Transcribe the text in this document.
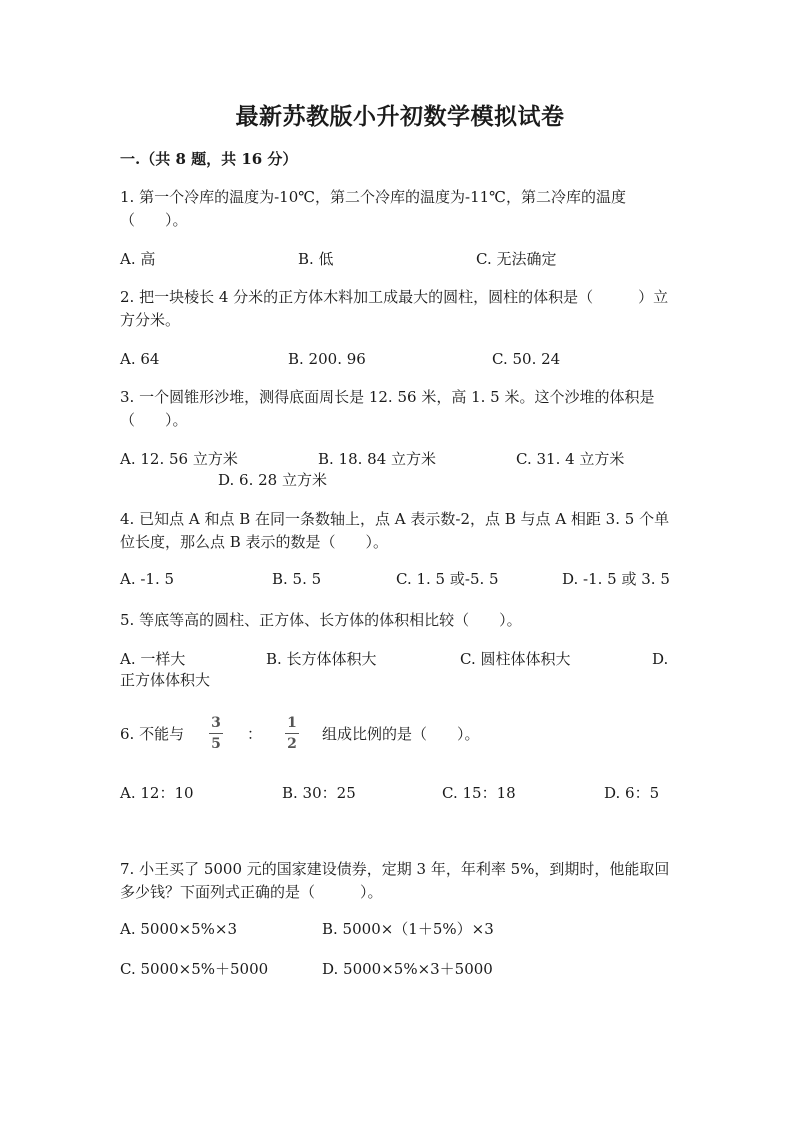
最新苏教版小升初数学模拟试卷
一.（共 8 题，共 16 分）
1. 第一个冷库的温度为-10℃，第二个冷库的温度为-11℃，第二冷库的温度（　　）。
A. 高	B. 低	C. 无法确定
2. 把一块棱长 4 分米的正方体木料加工成最大的圆柱，圆柱的体积是（　　　）立方分米。
A. 64	B. 200. 96	C. 50. 24
3. 一个圆锥形沙堆，测得底面周长是 12. 56 米，高 1. 5 米。这个沙堆的体积是（　　）。
A. 12. 56 立方米	B. 18. 84 立方米	C. 31. 4 立方米
D. 6. 28 立方米
4. 已知点 A 和点 B 在同一条数轴上，点 A 表示数-2，点 B 与点 A 相距 3. 5 个单位长度，那么点 B 表示的数是（　　）。
A. -1. 5	B. 5. 5	C. 1. 5 或-5. 5	D. -1. 5 或 3. 5
5. 等底等高的圆柱、正方体、长方体的体积相比较（　　）。
A. 一样大	B. 长方体体积大	C. 圆柱体体积大	D.
正方体体积大
6. 不能与
3
5
：
1
2
组成比例的是（　　）。
A. 12：10	B. 30：25	C. 15：18	D. 6：5
7. 小王买了 5000 元的国家建设债券，定期 3 年，年利率 5%，到期时，他能取回多少钱？下面列式正确的是（　　　）。
A. 5000×5%×3	B. 5000×（1＋5%）×3
C. 5000×5%＋5000	D. 5000×5%×3＋5000
